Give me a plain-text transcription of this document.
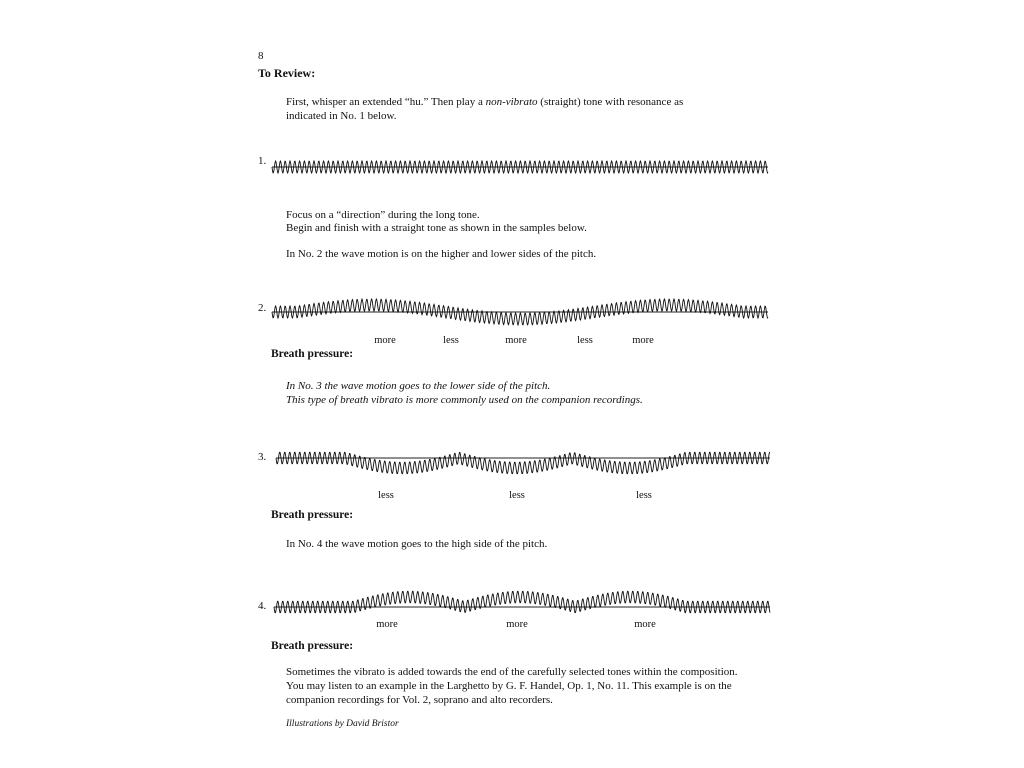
8
To Review:
First, whisper an extended “hu.” Then play a non-vibrato (straight) tone with resonance as
indicated in No. 1 below.
1.
Focus on a “direction” during the long tone.
Begin and finish with a straight tone as shown in the samples below.
In No. 2 the wave motion is on the higher and lower sides of the pitch.
2.
more	less	more	less	more
Breath pressure:
In No. 3 the wave motion goes to the lower side of the pitch.
This type of breath vibrato is more commonly used on the companion recordings.
3.
less	less	less
Breath pressure:
In No. 4 the wave motion goes to the high side of the pitch.
4.
more	more	more
Breath pressure:
Sometimes the vibrato is added towards the end of the carefully selected tones within the composition.
You may listen to an example in the Larghetto by G. F. Handel, Op. 1, No. 11. This example is on the
companion recordings for Vol. 2, soprano and alto recorders.
Illustrations by David Bristor
